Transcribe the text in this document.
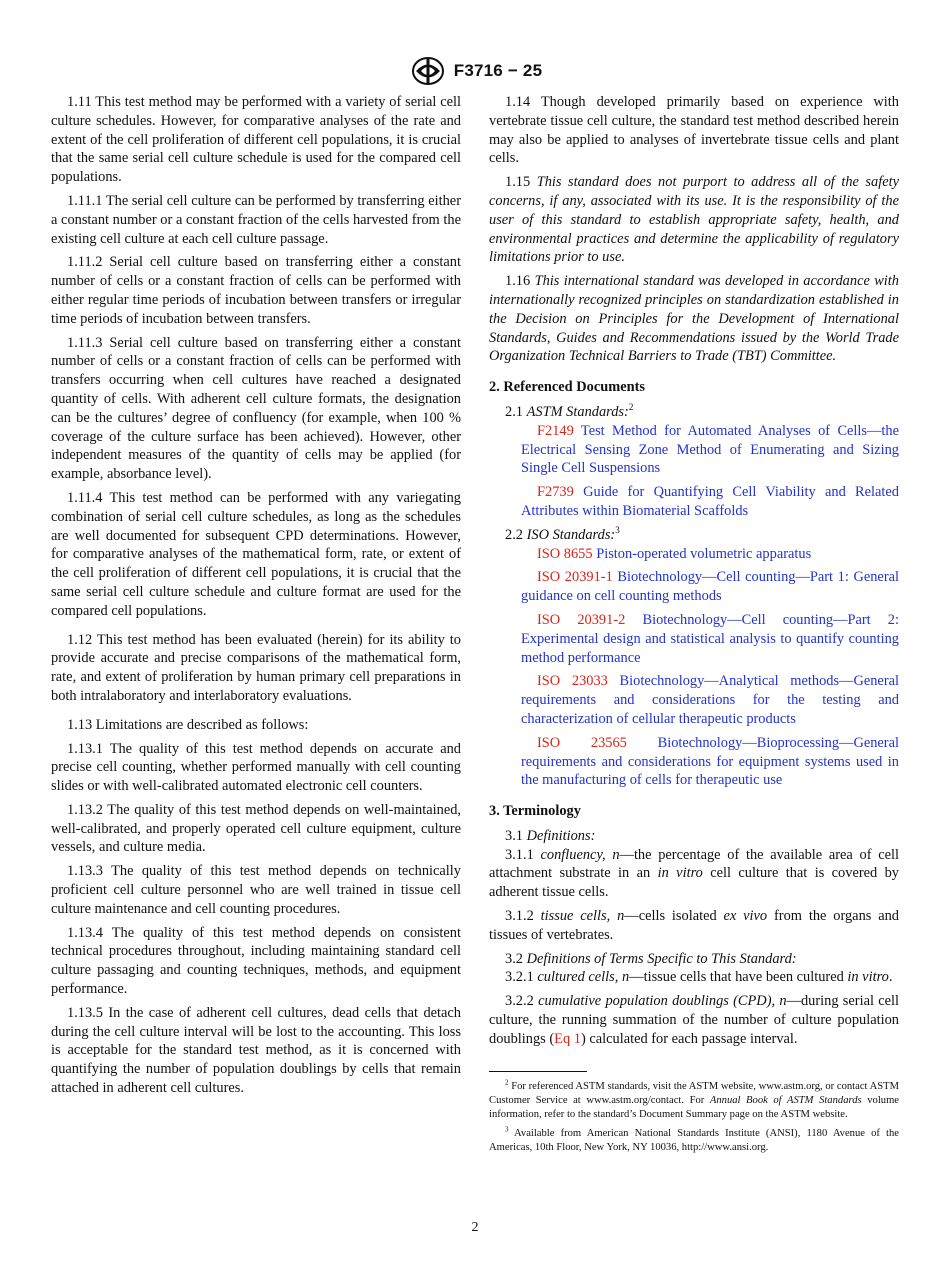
F3716 − 25

1.11 This test method may be performed with a variety of serial cell culture schedules. However, for comparative analyses of the rate and extent of the cell proliferation of different cell populations, it is crucial that the same serial cell culture schedule is used for the compared cell populations.

1.11.1 The serial cell culture can be performed by transferring either a constant number or a constant fraction of the cells harvested from the existing cell culture at each cell culture passage.

1.11.2 Serial cell culture based on transferring either a constant number of cells or a constant fraction of cells can be performed with either regular time periods of incubation between transfers or irregular time periods of incubation between transfers.

1.11.3 Serial cell culture based on transferring either a constant number of cells or a constant fraction of cells can be performed with transfers occurring when cell cultures have reached a designated quantity of cells. With adherent cell culture formats, the designation can be the cultures’ degree of confluency (for example, when 100 % coverage of the culture surface has been achieved). However, other independent measures of the quantity of cells may be applied (for example, absorbance level).

1.11.4 This test method can be performed with any variegating combination of serial cell culture schedules, as long as the schedules are well documented for subsequent CPD determinations. However, for comparative analyses of the mathematical form, rate, or extent of the cell proliferation of different cell populations, it is crucial that the same serial cell culture schedule and culture format are used for the compared cell populations.

1.12 This test method has been evaluated (herein) for its ability to provide accurate and precise comparisons of the mathematical form, rate, and extent of proliferation by human primary cell preparations in both intralaboratory and interlaboratory evaluations.

1.13 Limitations are described as follows:

1.13.1 The quality of this test method depends on accurate and precise cell counting, whether performed manually with cell counting slides or with well-calibrated automated electronic cell counters.

1.13.2 The quality of this test method depends on well-maintained, well-calibrated, and properly operated cell culture equipment, culture vessels, and culture media.

1.13.3 The quality of this test method depends on technically proficient cell culture personnel who are well trained in tissue cell culture maintenance and cell counting procedures.

1.13.4 The quality of this test method depends on consistent technical procedures throughout, including maintaining standard cell culture passaging and counting techniques, methods, and equipment performance.

1.13.5 In the case of adherent cell cultures, dead cells that detach during the cell culture interval will be lost to the accounting. This loss is acceptable for the standard test method, as it is concerned with quantifying the number of population doublings by cells that remain attached in adherent cell cultures.

1.14 Though developed primarily based on experience with vertebrate tissue cell culture, the standard test method described herein may also be applied to analyses of invertebrate tissue cells and plant cells.

1.15 This standard does not purport to address all of the safety concerns, if any, associated with its use. It is the responsibility of the user of this standard to establish appropriate safety, health, and environmental practices and determine the applicability of regulatory limitations prior to use.

1.16 This international standard was developed in accordance with internationally recognized principles on standardization established in the Decision on Principles for the Development of International Standards, Guides and Recommendations issued by the World Trade Organization Technical Barriers to Trade (TBT) Committee.

2. Referenced Documents

2.1 ASTM Standards:$^2$

F2149 Test Method for Automated Analyses of Cells—the Electrical Sensing Zone Method of Enumerating and Sizing Single Cell Suspensions

F2739 Guide for Quantifying Cell Viability and Related Attributes within Biomaterial Scaffolds

2.2 ISO Standards:$^3$

ISO 8655 Piston-operated volumetric apparatus

ISO 20391-1 Biotechnology—Cell counting—Part 1: General guidance on cell counting methods

ISO 20391-2 Biotechnology—Cell counting—Part 2: Experimental design and statistical analysis to quantify counting method performance

ISO 23033 Biotechnology—Analytical methods—General requirements and considerations for the testing and characterization of cellular therapeutic products

ISO 23565 Biotechnology—Bioprocessing—General requirements and considerations for equipment systems used in the manufacturing of cells for therapeutic use

3. Terminology

3.1 Definitions:

3.1.1 confluency, n—the percentage of the available area of cell attachment substrate in an in vitro cell culture that is covered by adherent tissue cells.

3.1.2 tissue cells, n—cells isolated ex vivo from the organs and tissues of vertebrates.

3.2 Definitions of Terms Specific to This Standard:

3.2.1 cultured cells, n—tissue cells that have been cultured in vitro.

3.2.2 cumulative population doublings (CPD), n—during serial cell culture, the running summation of the number of culture population doublings (Eq 1) calculated for each passage interval.

$^2$ For referenced ASTM standards, visit the ASTM website, www.astm.org, or contact ASTM Customer Service at www.astm.org/contact. For Annual Book of ASTM Standards volume information, refer to the standard’s Document Summary page on the ASTM website.

$^3$ Available from American National Standards Institute (ANSI), 1180 Avenue of the Americas, 10th Floor, New York, NY 10036, http://www.ansi.org.

2
